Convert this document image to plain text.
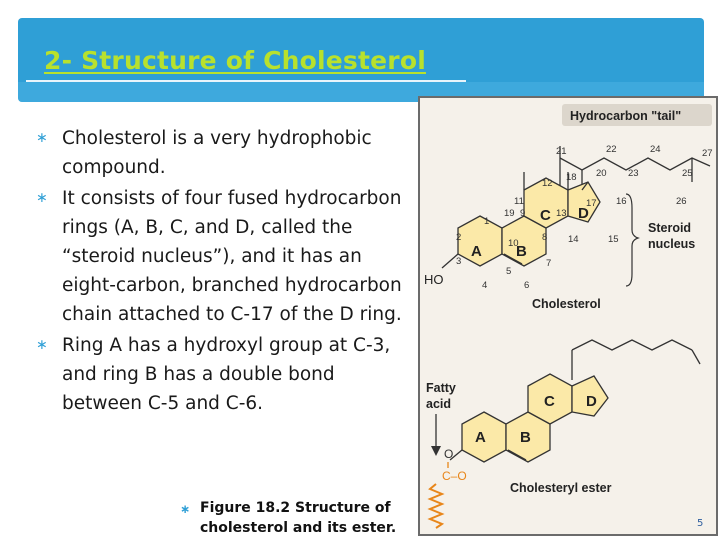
2- Structure of Cholesterol
∗ Cholesterol is a very hydrophobic compound.
∗ It consists of four fused hydrocarbon rings (A, B, C, and D, called the “steroid nucleus”), and it has an eight-carbon, branched hydrocarbon chain attached to C-17 of the D ring.
∗ Ring A has a hydroxyl group at C-3, and ring B has a double bond between C-5 and C-6.
∗ Figure 18.2 Structure of cholesterol and its ester.
Hydrocarbon "tail"
A B
C D
21	22	24	27
12
18 20 23	25
11	17 16	26
1
19	13
2
10	14	15
3
5
8
9
4	6
7
HO
Steroid
nucleus
Cholesterol
A B
C D
Fatty
acid
O
C–O
Cholesteryl ester
5
